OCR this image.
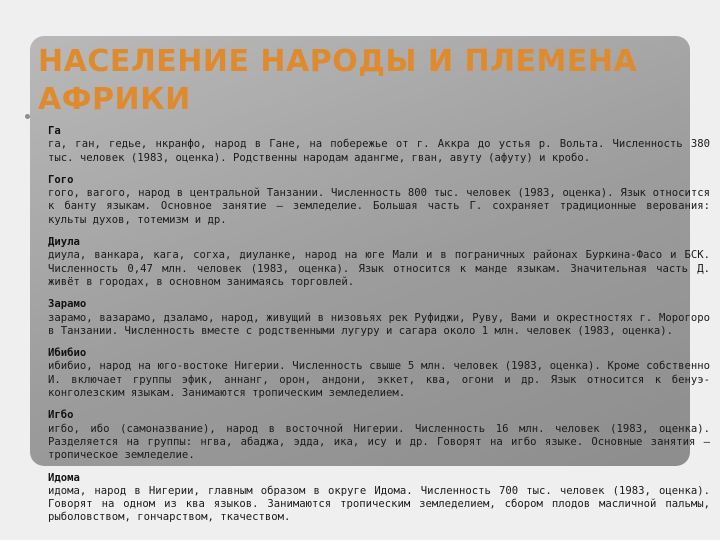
НАСЕЛЕНИЕ НАРОДЫ И ПЛЕМЕНА АФРИКИ
Га
га, ган, гедье, нкранфо, народ в Гане, на побережье от г. Аккра до устья р. Вольта. Численность 380 тыс. человек (1983, оценка). Родственны народам адангме, гван, авуту (афуту) и кробо.
Гого
гого, вагого, народ в центральной Танзании. Численность 800 тыс. человек (1983, оценка). Язык относится к банту языкам. Основное занятие — земледелие. Большая часть Г. сохраняет традиционные верования: культы духов, тотемизм и др.
Диула
диула, ванкара, кага, согха, диуланке, народ на юге Мали и в пограничных районах Буркина-Фасо и БСК. Численность 0,47 млн. человек (1983, оценка). Язык относится к манде языкам. Значительная часть Д. живёт в городах, в основном занимаясь торговлей.
Зарамо
зарамо, вазарамо, дзаламо, народ, живущий в низовьях рек Руфиджи, Руву, Вами и окрестностях г. Морогоро в Танзании. Численность вместе с родственными лугуру и сагара около 1 млн. человек (1983, оценка).
Ибибио
ибибио, народ на юго-востоке Нигерии. Численность свыше 5 млн. человек (1983, оценка). Кроме собственно И. включает группы эфик, аннанг, орон, андони, эккет, ква, огони и др. Язык относится к бенуэ-конголезским языкам. Занимаются тропическим земледелием.
Игбо
игбо, ибо (самоназвание), народ в восточной Нигерии. Численность 16 млн. человек (1983, оценка). Разделяется на группы: нгва, абаджа, эдда, ика, ису и др. Говорят на игбо языке. Основные занятия — тропическое земледелие.
Идома
идома, народ в Нигерии, главным образом в округе Идома. Численность 700 тыс. человек (1983, оценка). Говорят на одном из ква языков. Занимаются тропическим земледелием, сбором плодов масличной пальмы, рыболовством, гончарством, ткачеством.
